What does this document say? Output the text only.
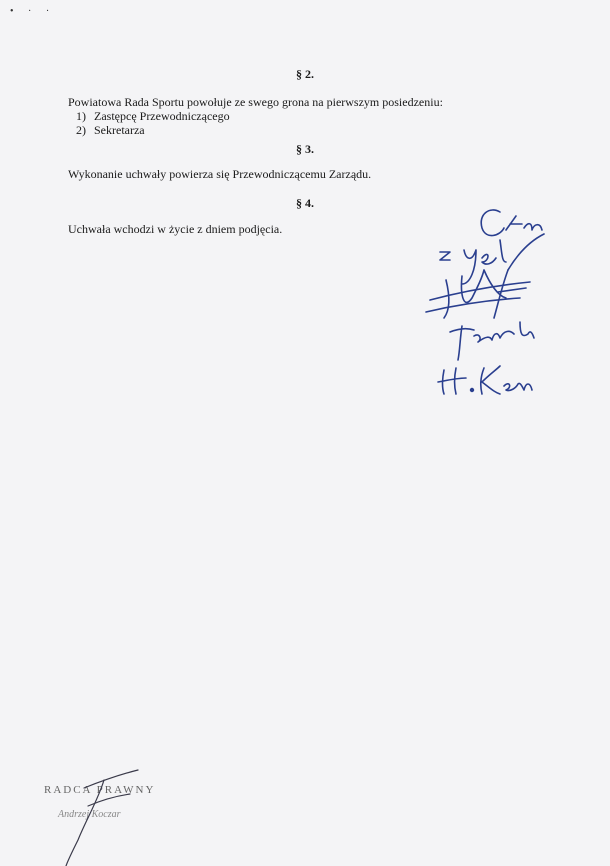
• · ·
§ 2.
Powiatowa Rada Sportu powołuje ze swego grona na pierwszym posiedzeniu:
1) Zastępcę Przewodniczącego
2) Sekretarza
§ 3.
Wykonanie uchwały powierza się Przewodniczącemu Zarządu.
§ 4.
Uchwała wchodzi w życie z dniem podjęcia.
RADCA PRAWNY
Andrzej Koczar
